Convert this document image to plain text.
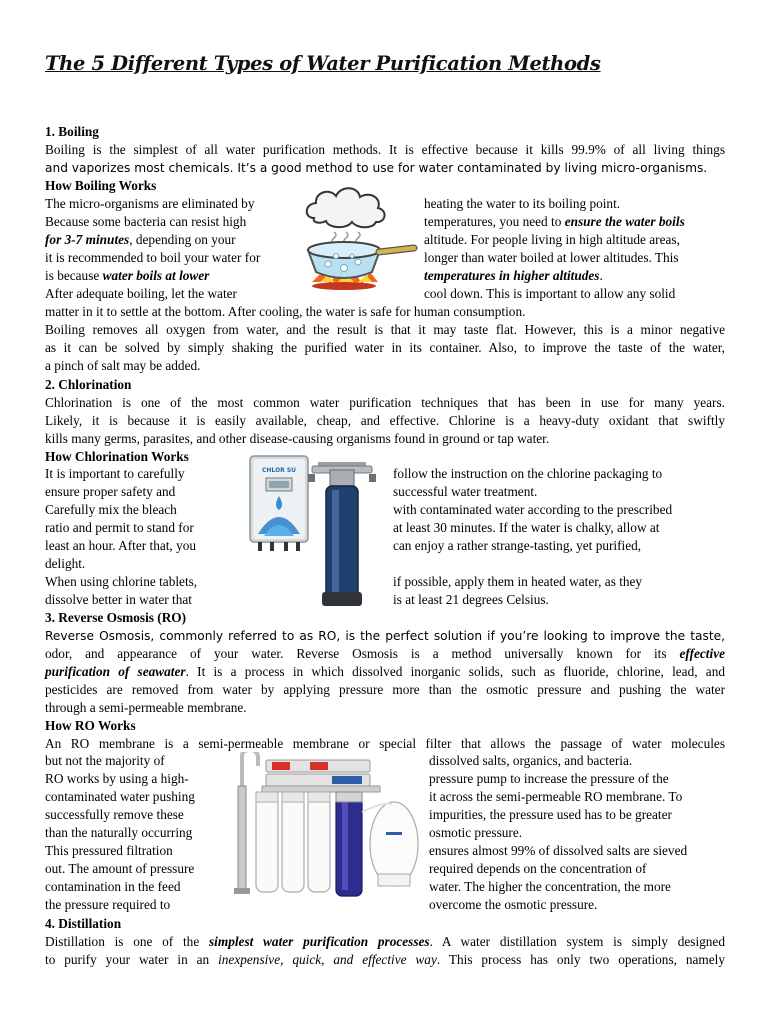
The 5 Different Types of Water Purification Methods
1. Boiling
Boiling is the simplest of all water purification methods. It is effective because it kills 99.9% of all living things
and vaporizes most chemicals. It’s a good method to use for water contaminated by living micro-organisms.
How Boiling Works
The micro-organisms are eliminated by
Because some bacteria can resist high
for 3-7 minutes, depending on your
it is recommended to boil your water for
is because water boils at lower
After adequate boiling, let the water
heating the water to its boiling point.
temperatures, you need to ensure the water boils
altitude. For people living in high altitude areas,
longer than water boiled at lower altitudes. This
temperatures in higher altitudes.
cool down. This is important to allow any solid
matter in it to settle at the bottom. After cooling, the water is safe for human consumption.
Boiling removes all oxygen from water, and the result is that it may taste flat. However, this is a minor negative
as it can be solved by simply shaking the purified water in its container. Also, to improve the taste of the water,
a pinch of salt may be added.
2. Chlorination
Chlorination is one of the most common water purification techniques that has been in use for many years.
Likely, it is because it is easily available, cheap, and effective. Chlorine is a heavy-duty oxidant that swiftly
kills many germs, parasites, and other disease-causing organisms found in ground or tap water.
How Chlorination Works
It is important to carefully
ensure proper safety and
Carefully mix the bleach
ratio and permit to stand for
least an hour. After that, you
delight.
When using chlorine tablets,
dissolve better in water that
follow the instruction on the chlorine packaging to
successful water treatment.
with contaminated water according to the prescribed
at least 30 minutes. If the water is chalky, allow at
can enjoy a rather strange-tasting, yet purified,
if possible, apply them in heated water, as they
is at least 21 degrees Celsius.
CHLOR SU
3. Reverse Osmosis (RO)
Reverse Osmosis, commonly referred to as RO, is the perfect solution if you’re looking to improve the taste,
odor, and appearance of your water. Reverse Osmosis is a method universally known for its effective
purification of seawater. It is a process in which dissolved inorganic solids, such as fluoride, chlorine, lead, and
pesticides are removed from water by applying pressure more than the osmotic pressure and pushing the water
through a semi-permeable membrane.
How RO Works
An RO membrane is a semi-permeable membrane or special filter that allows the passage of water molecules
but not the majority of
RO works by using a high-
contaminated water pushing
successfully remove these
than the naturally occurring
This pressured filtration
out. The amount of pressure
contamination in the feed
the pressure required to
dissolved salts, organics, and bacteria.
pressure pump to increase the pressure of the
it across the semi-permeable RO membrane. To
impurities, the pressure used has to be greater
osmotic pressure.
ensures almost 99% of dissolved salts are sieved
required depends on the concentration of
water. The higher the concentration, the more
overcome the osmotic pressure.
4. Distillation
Distillation is one of the simplest water purification processes. A water distillation system is simply designed
to purify your water in an inexpensive, quick, and effective way. This process has only two operations, namely
